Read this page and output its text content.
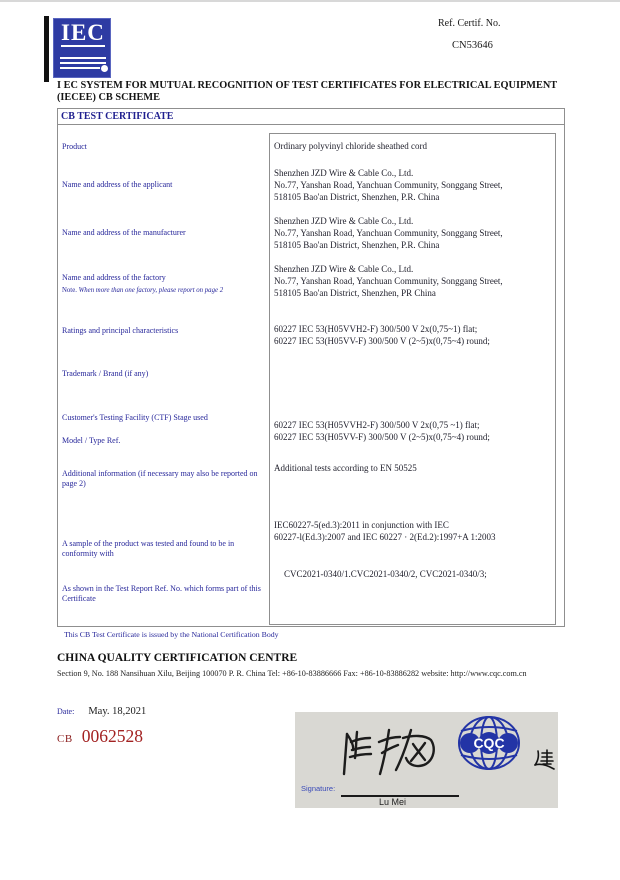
IEC	Ref. Certif. No.
CN53646
I EC SYSTEM FOR MUTUAL RECOGNITION OF TEST CERTIFICATES FOR ELECTRICAL EQUIPMENT
(IECEE) CB SCHEME
CB TEST CERTIFICATE
Product
Name and address of the applicant
Name and address of the manufacturer
Name and address of the factory
Note. When more than one factory, please report on page 2
Ratings and principal characteristics
Trademark / Brand (if any)
Customer's Testing Facility (CTF) Stage used
Model / Type Ref.
Additional information (if necessary may also be reported on page 2)
A sample of the product was tested and found to be in conformity with
As shown in the Test Report Ref. No. which forms part of this Certificate
Ordinary polyvinyl chloride sheathed cord
Shenzhen JZD Wire & Cable Co., Ltd.
No.77, Yanshan Road, Yanchuan Community, Songgang Street,
518105 Bao'an District, Shenzhen, P.R. China
Shenzhen JZD Wire & Cable Co., Ltd.
No.77, Yanshan Road, Yanchuan Community, Songgang Street,
518105 Bao'an District, Shenzhen, P.R. China
Shenzhen JZD Wire & Cable Co., Ltd.
No.77, Yanshan Road, Yanchuan Community, Songgang Street,
518105 Bao'an District, Shenzhen, PR China
60227 IEC 53(H05VVH2-F) 300/500 V 2x(0,75~1) flat;
60227 IEC 53(H05VV-F) 300/500 V (2~5)x(0,75~4) round;
60227 IEC 53(H05VVH2-F) 300/500 V 2x(0,75 ~1) flat;
60227 IEC 53(H05VV-F) 300/500 V (2~5)x(0,75~4) round;
Additional tests according to EN 50525
IEC60227-5(ed.3):2011 in conjunction with IEC
60227-l(Ed.3):2007 and IEC 60227 · 2(Ed.2):1997+A 1:2003
CVC2021-0340/1.CVC2021-0340/2, CVC2021-0340/3;
This CB Test Certificate is issued by the National Certification Body
CHINA QUALITY CERTIFICATION CENTRE
Section 9, No. 188 Nansihuan Xilu, Beijing 100070 P. R. China Tel: +86-10-83886666 Fax: +86-10-83886282 website: http://www.cqc.com.cn
Date: May. 18,2021
CB 0062528
Signature:
Lu Mei
CQC
